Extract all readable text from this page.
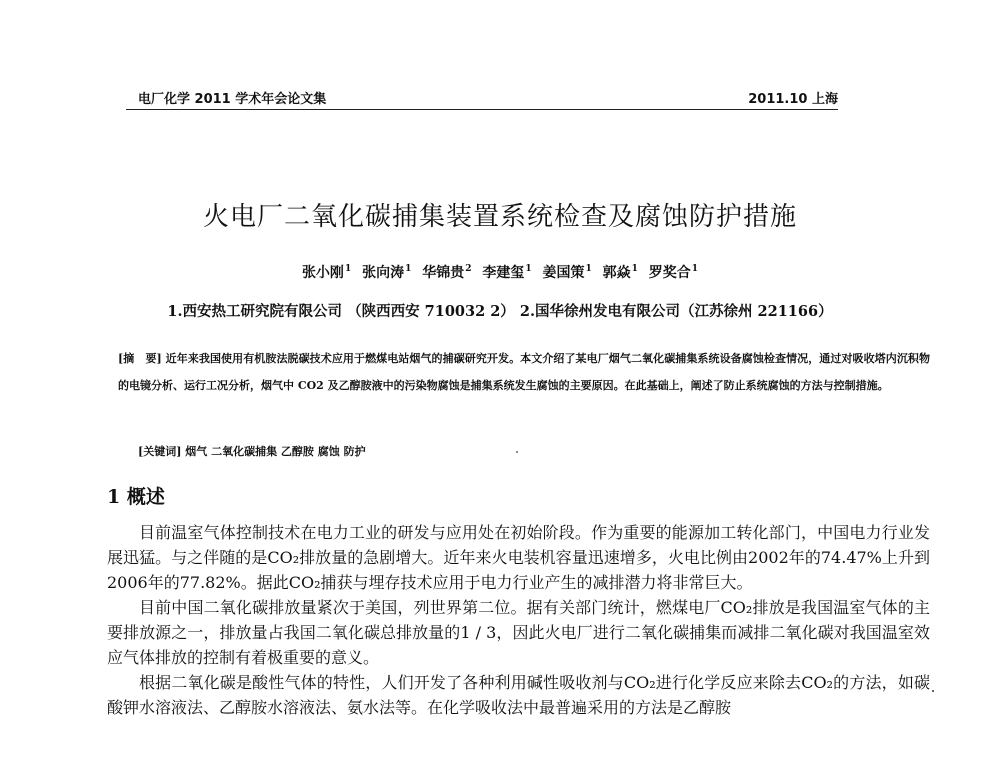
电厂化学 2011 学术年会论文集	2011.10 上海
火电厂二氧化碳捕集装置系统检查及腐蚀防护措施
张小刚$^1$ 张向涛$^1$ 华锦贵$^2$ 李建玺$^1$ 姜国策$^1$ 郭焱$^1$ 罗奖合$^1$
1.西安热工研究院有限公司 （陕西西安 710032 2） 2.国华徐州发电有限公司（江苏徐州 221166）
[摘　要] 近年来我国使用有机胺法脱碳技术应用于燃煤电站烟气的捕碳研究开发。本文介绍了某电厂烟气二氧化碳捕集系统设备腐蚀检查情况，通过对吸收塔内沉积物的电镜分析、运行工况分析，烟气中 CO2 及乙醇胺液中的污染物腐蚀是捕集系统发生腐蚀的主要原因。在此基础上，阐述了防止系统腐蚀的方法与控制措施。
[关键词] 烟气 二氧化碳捕集 乙醇胺 腐蚀 防护
1 概述

目前温室气体控制技术在电力工业的研发与应用处在初始阶段。作为重要的能源加工转化部门，中国电力行业发展迅猛。与之伴随的是CO₂排放量的急剧增大。近年来火电装机容量迅速增多，火电比例由2002年的74.47%上升到2006年的77.82%。据此CO₂捕获与埋存技术应用于电力行业产生的减排潜力将非常巨大。

目前中国二氧化碳排放量紧次于美国，列世界第二位。据有关部门统计，燃煤电厂CO₂排放是我国温室气体的主要排放源之一，排放量占我国二氧化碳总排放量的1 / 3，因此火电厂进行二氧化碳捕集而减排二氧化碳对我国温室效应气体排放的控制有着极重要的意义。

根据二氧化碳是酸性气体的特性，人们开发了各种利用碱性吸收剂与CO₂进行化学反应来除去CO₂的方法，如碳酸钾水溶液法、乙醇胺水溶液法、氨水法等。在化学吸收法中最普遍采用的方法是乙醇胺
